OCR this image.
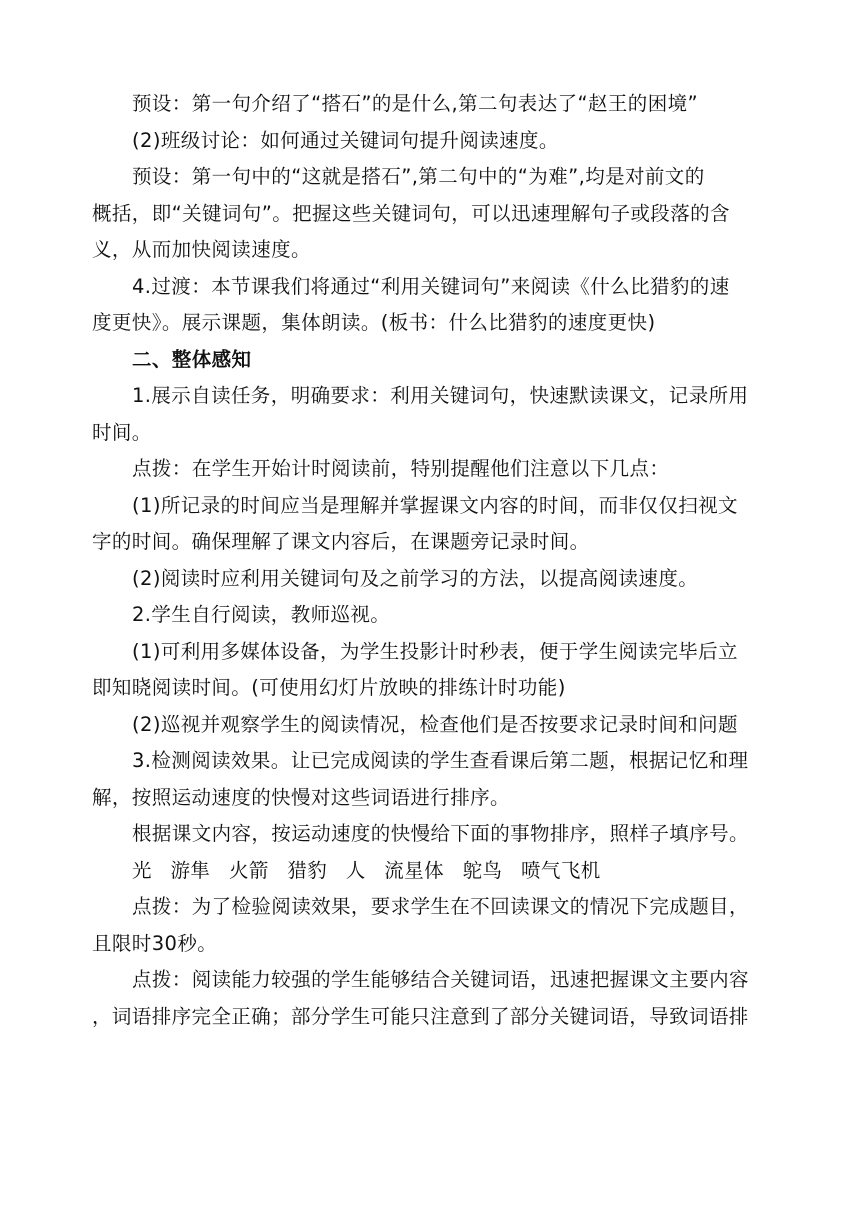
预设：第一句介绍了“搭石”的是什么,第二句表达了“赵王的困境”
(2)班级讨论：如何通过关键词句提升阅读速度。
预设：第一句中的“这就是搭石”,第二句中的“为难”,均是对前文的
概括，即“关键词句”。把握这些关键词句，可以迅速理解句子或段落的含
义，从而加快阅读速度。
4.过渡：本节课我们将通过“利用关键词句”来阅读《什么比猎豹的速
度更快》。展示课题，集体朗读。(板书：什么比猎豹的速度更快)
二、整体感知
1.展示自读任务，明确要求：利用关键词句，快速默读课文，记录所用
时间。
点拨：在学生开始计时阅读前，特别提醒他们注意以下几点：
(1)所记录的时间应当是理解并掌握课文内容的时间，而非仅仅扫视文
字的时间。确保理解了课文内容后，在课题旁记录时间。
(2)阅读时应利用关键词句及之前学习的方法，以提高阅读速度。
2.学生自行阅读，教师巡视。
(1)可利用多媒体设备，为学生投影计时秒表，便于学生阅读完毕后立
即知晓阅读时间。(可使用幻灯片放映的排练计时功能)
(2)巡视并观察学生的阅读情况，检查他们是否按要求记录时间和问题
3.检测阅读效果。让已完成阅读的学生查看课后第二题，根据记忆和理
解，按照运动速度的快慢对这些词语进行排序。
根据课文内容，按运动速度的快慢给下面的事物排序，照样子填序号。
光 游隼 火箭 猎豹 人 流星体 鸵鸟 喷气飞机
点拨：为了检验阅读效果，要求学生在不回读课文的情况下完成题目，
且限时30秒。
点拨：阅读能力较强的学生能够结合关键词语，迅速把握课文主要内容
，词语排序完全正确；部分学生可能只注意到了部分关键词语，导致词语排
